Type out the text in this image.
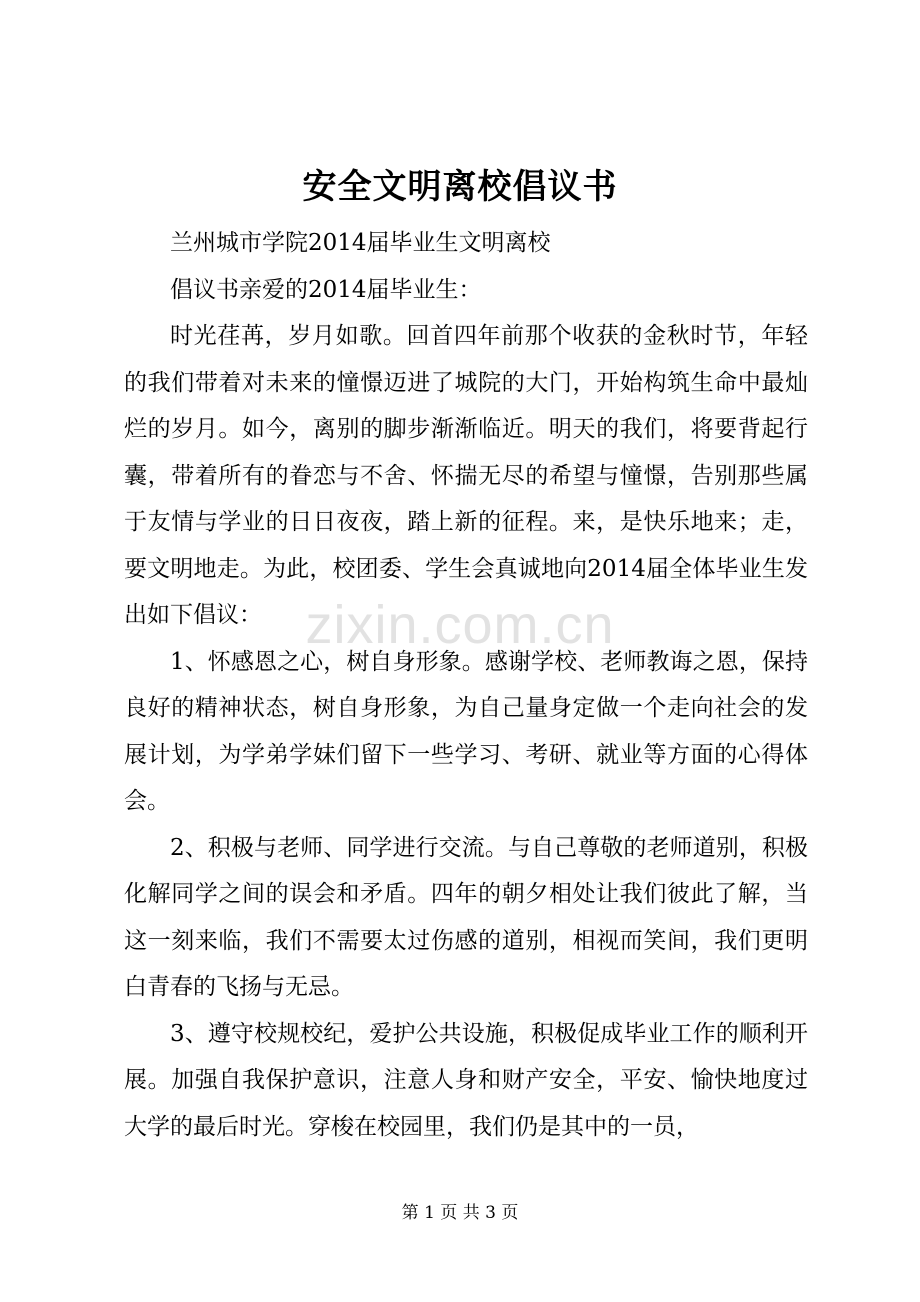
zixin.com.cn
安全文明离校倡议书

兰州城市学院2014届毕业生文明离校

倡议书亲爱的2014届毕业生：

时光荏苒，岁月如歌。回首四年前那个收获的金秋时节，年轻的我们带着对未来的憧憬迈进了城院的大门，开始构筑生命中最灿烂的岁月。如今，离别的脚步渐渐临近。明天的我们，将要背起行囊，带着所有的眷恋与不舍、怀揣无尽的希望与憧憬，告别那些属于友情与学业的日日夜夜，踏上新的征程。来，是快乐地来；走，要文明地走。为此，校团委、学生会真诚地向2014届全体毕业生发出如下倡议：

1、怀感恩之心，树自身形象。感谢学校、老师教诲之恩，保持良好的精神状态，树自身形象，为自己量身定做一个走向社会的发展计划，为学弟学妹们留下一些学习、考研、就业等方面的心得体会。

2、积极与老师、同学进行交流。与自己尊敬的老师道别，积极化解同学之间的误会和矛盾。四年的朝夕相处让我们彼此了解，当这一刻来临，我们不需要太过伤感的道别，相视而笑间，我们更明白青春的飞扬与无忌。

3、遵守校规校纪，爱护公共设施，积极促成毕业工作的顺利开展。加强自我保护意识，注意人身和财产安全，平安、愉快地度过大学的最后时光。穿梭在校园里，我们仍是其中的一员，

第 1 页 共 3 页
